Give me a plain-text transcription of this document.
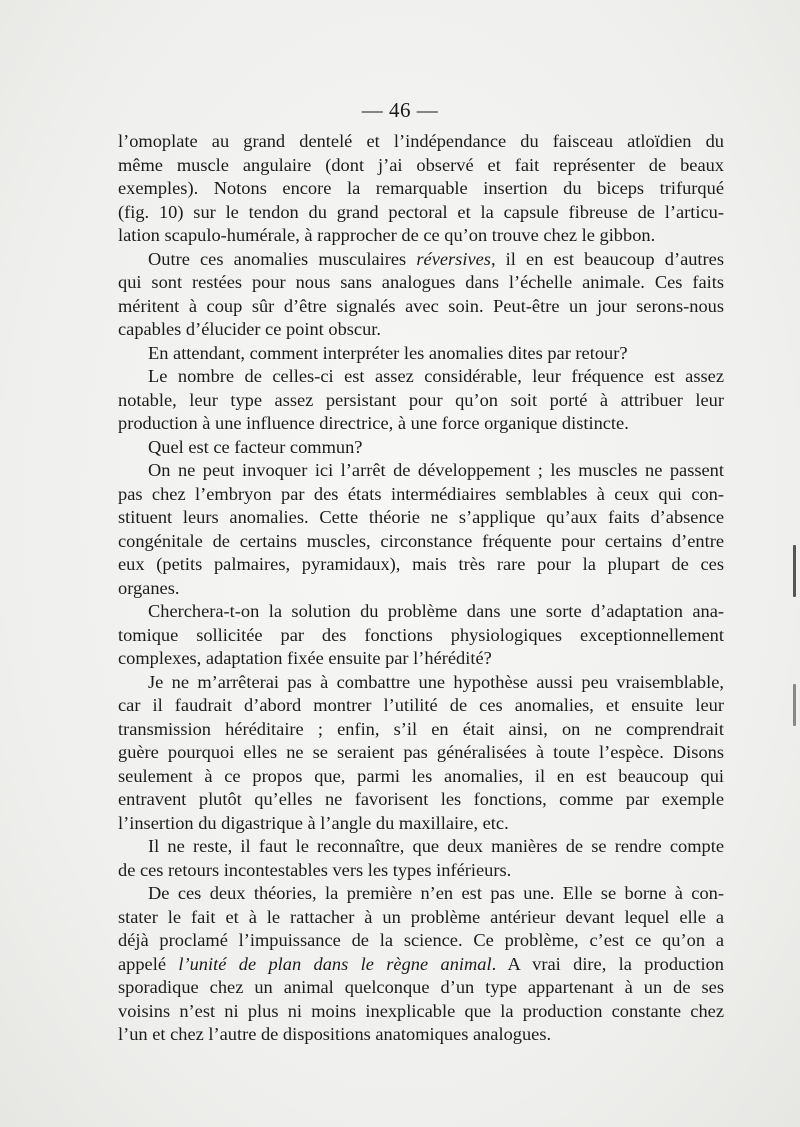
— 46 —
l’omoplate au grand dentelé et l’indépendance du faisceau atloïdien du
même muscle angulaire (dont j’ai observé et fait représenter de beaux
exemples). Notons encore la remarquable insertion du biceps trifurqué
(fig. 10) sur le tendon du grand pectoral et la capsule fibreuse de l’articu-
lation scapulo-humérale, à rapprocher de ce qu’on trouve chez le gibbon.
Outre ces anomalies musculaires réversives, il en est beaucoup d’autres
qui sont restées pour nous sans analogues dans l’échelle animale. Ces faits
méritent à coup sûr d’être signalés avec soin. Peut-être un jour serons-nous
capables d’élucider ce point obscur.
En attendant, comment interpréter les anomalies dites par retour?
Le nombre de celles-ci est assez considérable, leur fréquence est assez
notable, leur type assez persistant pour qu’on soit porté à attribuer leur
production à une influence directrice, à une force organique distincte.
Quel est ce facteur commun?
On ne peut invoquer ici l’arrêt de développement ; les muscles ne passent
pas chez l’embryon par des états intermédiaires semblables à ceux qui con-
stituent leurs anomalies. Cette théorie ne s’applique qu’aux faits d’absence
congénitale de certains muscles, circonstance fréquente pour certains d’entre
eux (petits palmaires, pyramidaux), mais très rare pour la plupart de ces
organes.
Cherchera-t-on la solution du problème dans une sorte d’adaptation ana-
tomique sollicitée par des fonctions physiologiques exceptionnellement
complexes, adaptation fixée ensuite par l’hérédité?
Je ne m’arrêterai pas à combattre une hypothèse aussi peu vraisemblable,
car il faudrait d’abord montrer l’utilité de ces anomalies, et ensuite leur
transmission héréditaire ; enfin, s’il en était ainsi, on ne comprendrait
guère pourquoi elles ne se seraient pas généralisées à toute l’espèce. Disons
seulement à ce propos que, parmi les anomalies, il en est beaucoup qui
entravent plutôt qu’elles ne favorisent les fonctions, comme par exemple
l’insertion du digastrique à l’angle du maxillaire, etc.
Il ne reste, il faut le reconnaître, que deux manières de se rendre compte
de ces retours incontestables vers les types inférieurs.
De ces deux théories, la première n’en est pas une. Elle se borne à con-
stater le fait et à le rattacher à un problème antérieur devant lequel elle a
déjà proclamé l’impuissance de la science. Ce problème, c’est ce qu’on a
appelé l’unité de plan dans le règne animal. A vrai dire, la production
sporadique chez un animal quelconque d’un type appartenant à un de ses
voisins n’est ni plus ni moins inexplicable que la production constante chez
l’un et chez l’autre de dispositions anatomiques analogues.
